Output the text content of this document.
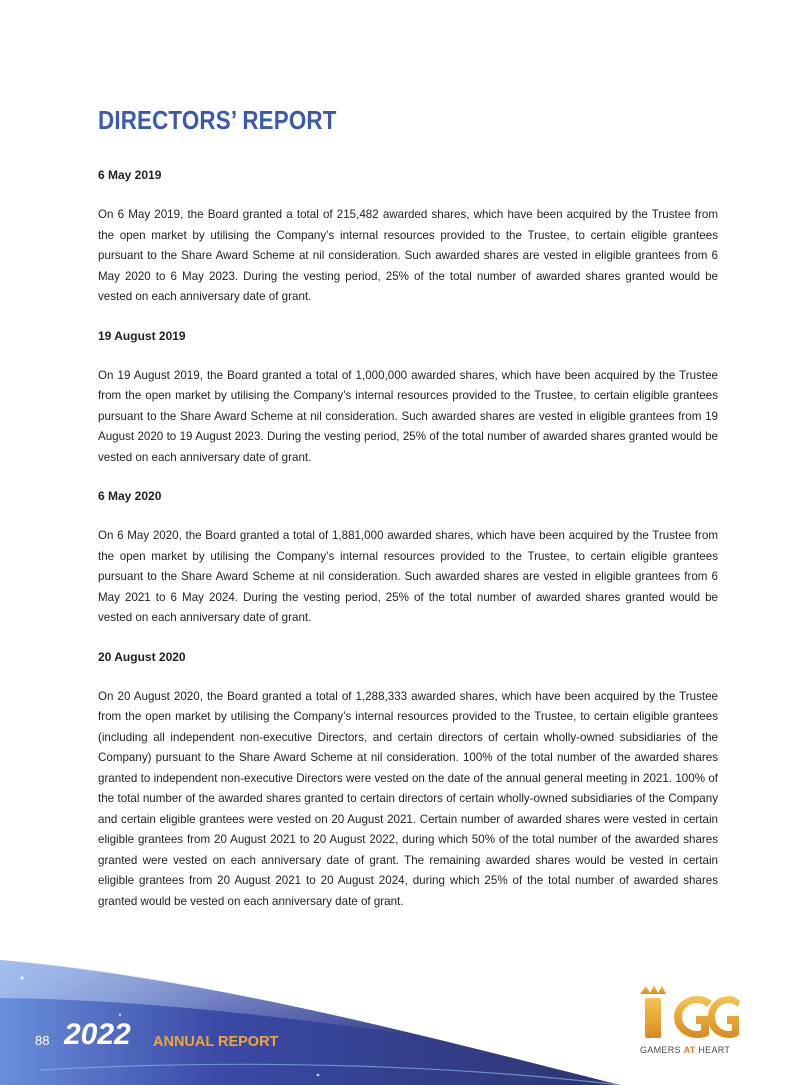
DIRECTORS’ REPORT

6 May 2019

On 6 May 2019, the Board granted a total of 215,482 awarded shares, which have been acquired by the Trustee from the open market by utilising the Company’s internal resources provided to the Trustee, to certain eligible grantees pursuant to the Share Award Scheme at nil consideration. Such awarded shares are vested in eligible grantees from 6 May 2020 to 6 May 2023. During the vesting period, 25% of the total number of awarded shares granted would be vested on each anniversary date of grant.

19 August 2019

On 19 August 2019, the Board granted a total of 1,000,000 awarded shares, which have been acquired by the Trustee from the open market by utilising the Company’s internal resources provided to the Trustee, to certain eligible grantees pursuant to the Share Award Scheme at nil consideration. Such awarded shares are vested in eligible grantees from 19 August 2020 to 19 August 2023. During the vesting period, 25% of the total number of awarded shares granted would be vested on each anniversary date of grant.

6 May 2020

On 6 May 2020, the Board granted a total of 1,881,000 awarded shares, which have been acquired by the Trustee from the open market by utilising the Company’s internal resources provided to the Trustee, to certain eligible grantees pursuant to the Share Award Scheme at nil consideration. Such awarded shares are vested in eligible grantees from 6 May 2021 to 6 May 2024. During the vesting period, 25% of the total number of awarded shares granted would be vested on each anniversary date of grant.

20 August 2020

On 20 August 2020, the Board granted a total of 1,288,333 awarded shares, which have been acquired by the Trustee from the open market by utilising the Company’s internal resources provided to the Trustee, to certain eligible grantees (including all independent non-executive Directors, and certain directors of certain wholly-owned subsidiaries of the Company) pursuant to the Share Award Scheme at nil consideration. 100% of the total number of the awarded shares granted to independent non-executive Directors were vested on the date of the annual general meeting in 2021. 100% of the total number of the awarded shares granted to certain directors of certain wholly-owned subsidiaries of the Company and certain eligible grantees were vested on 20 August 2021. Certain number of awarded shares were vested in certain eligible grantees from 20 August 2021 to 20 August 2022, during which 50% of the total number of the awarded shares granted were vested on each anniversary date of grant. The remaining awarded shares would be vested in certain eligible grantees from 20 August 2021 to 20 August 2024, during which 25% of the total number of awarded shares granted would be vested on each anniversary date of grant.

88 2022 ANNUAL REPORT	GAMERS AT HEART
